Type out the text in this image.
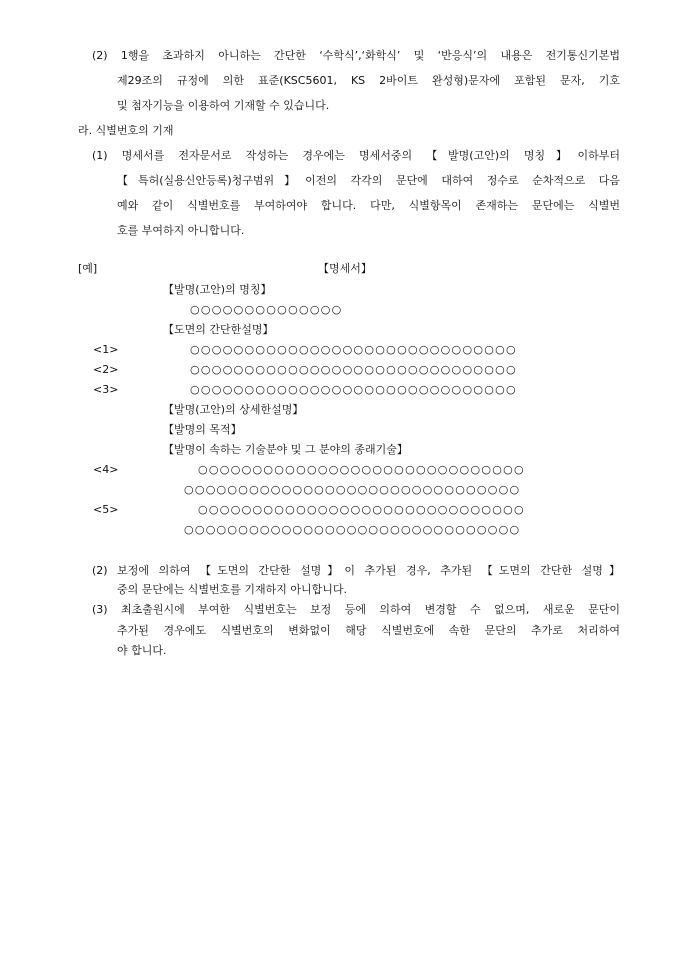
(2) 1행을 초과하지 아니하는 간단한 ‘수학식’,‘화학식’ 및 ‘반응식’의 내용은 전기통신기본법
제29조의 규정에 의한 표준(KSC5601, KS 2바이트 완성형)문자에 포함된 문자, 기호
및 첨자기능을 이용하여 기재할 수 있습니다.
라. 식별번호의 기재
(1) 명세서를 전자문서로 작성하는 경우에는 명세서중의 【발명(고안)의 명칭】이하부터
【특허(실용신안등록)청구범위】이전의 각각의 문단에 대하여 정수로 순차적으로 다음
예와 같이 식별번호를 부여하여야 합니다. 다만, 식별항목이 존재하는 문단에는 식별번
호를 부여하지 아니합니다.
[예]	【명세서】
【발명(고안)의 명칭】
○○○○○○○○○○○○○○
【도면의 간단한설명】
<1>	○○○○○○○○○○○○○○○○○○○○○○○○○○○○○○
<2>	○○○○○○○○○○○○○○○○○○○○○○○○○○○○○○
<3>	○○○○○○○○○○○○○○○○○○○○○○○○○○○○○○
【발명(고안)의 상세한설명】
【발명의 목적】
【발명이 속하는 기술분야 및 그 분야의 종래기술】
<4>	○○○○○○○○○○○○○○○○○○○○○○○○○○○○○○
○○○○○○○○○○○○○○○○○○○○○○○○○○○○○○○
<5>	○○○○○○○○○○○○○○○○○○○○○○○○○○○○○○
○○○○○○○○○○○○○○○○○○○○○○○○○○○○○○○
(2) 보정에 의하여 【도면의 간단한 설명】이 추가된 경우, 추가된 【도면의 간단한 설명】
중의 문단에는 식별번호를 기재하지 아니합니다.
(3) 최초출원시에 부여한 식별번호는 보정 등에 의하여 변경할 수 없으며, 새로운 문단이
추가된 경우에도 식별번호의 변화없이 해당 식별번호에 속한 문단의 추가로 처리하여
야 합니다.
